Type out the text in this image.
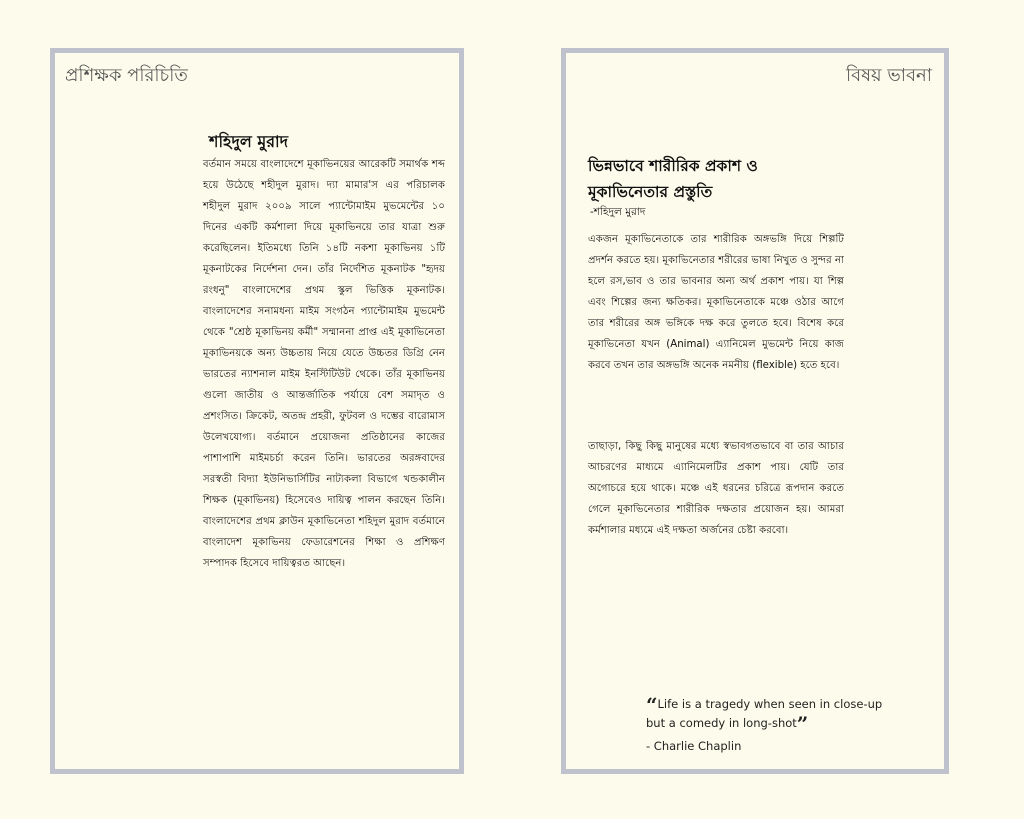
প্রশিক্ষক পরিচিতি
শহিদুল মুরাদ
বর্তমান সময়ে বাংলাদেশে মূকাভিনয়ের আরেকটি সমার্থক শব্দ হয়ে উঠেছে শহীদুল মুরাদ। দ্যা মামার'স এর পরিচালক শহীদুল মুরাদ ২০০৯ সালে প্যান্টোমাইম মুভমেন্টের ১০ দিনের একটি কর্মশালা দিয়ে মূকাভিনয়ে তার যাত্রা শুরু করেছিলেন। ইতিমধ্যে তিনি ১৪টি নকশা মূকাভিনয় ১টি মূকনাটকের নির্দেশনা দেন। তাঁর নির্দেশিত মূকনাটক "হৃদয় রংধনু" বাংলাদেশের প্রথম স্কুল ভিত্তিক মূকনাটক। বাংলাদেশের সনামধন্য মাইম সংগঠন প্যান্টোমাইম মুভমেন্ট থেকে "শ্রেষ্ঠ মূকাভিনয় কর্মী" সম্মাননা প্রাপ্ত এই মূকাভিনেতা মূকাভিনয়কে অন্য উচ্চতায় নিয়ে যেতে উচ্চতর ডিগ্রি নেন ভারতের ন্যাশনাল মাইম ইনস্টিটিউট থেকে। তাঁর মূকাভিনয় গুলো জাতীয় ও আন্তর্জাতিক পর্যায়ে বেশ সমাদৃত ও প্রশংসিত। ক্রিকেট, অতন্দ্র প্রহরী, ফুটবল ও দম্ভের বারোমাস উলেখযোগ্য। বর্তমানে প্রয়োজনা প্রতিষ্ঠানের কাজের পাশাপাশি মাইমচর্চা করেন তিনি। ভারতের অরঙ্গবাদের সরস্বতী বিদ্যা ইউনিভার্সিটির নাট্যকলা বিভাগে খন্ডকালীন শিক্ষক (মূকাভিনয়) হিসেবেও দায়িত্ব পালন করছেন তিনি।বাংলাদেশের প্রথম ক্লাউন মূকাভিনেতা শহিদুল মুরাদ বর্তমানে বাংলাদেশ মূকাভিনয় ফেডারেশনের শিক্ষা ও প্রশিক্ষণ সম্পাদক হিসেবে দায়িত্বরত আছেন।
বিষয় ভাবনা
ভিন্নভাবে শারীরিক প্রকাশ ও
মূকাভিনেতার প্রস্তুতি
-শহিদুল মুরাদ
একজন মূকাভিনেতাকে তার শারীরিক অঙ্গভঙ্গি দিয়ে শিল্পটি প্রদর্শন করতে হয়। মূকাভিনেতার শরীরের ভাষা নিখুত ও সুন্দর না হলে রস,ভাব ও তার ভাবনার অন্য অর্থ প্রকাশ পায়। যা শিল্প এবং শিল্পের জন্য ক্ষতিকর। মূকাভিনেতাকে মঞ্চে ওঠার আগে তার শরীরের অঙ্গ ভঙ্গিকে দক্ষ করে তুলতে হবে। বিশেষ করে মূকাভিনেতা যখন (Animal) এ্যানিমেল মুভমেন্ট নিয়ে কাজ করবে তখন তার অঙ্গভঙ্গি অনেক নমনীয় (flexible) হতে হবে।
তাছাড়া, কিছু কিছু মানুষের মধ্যে স্বভাবগতভাবে বা তার আচার আচরণের মাধ্যমে এ্যানিমেলটির প্রকাশ পায়। যেটি তার অগোচরে হয়ে থাকে। মঞ্চে এই ধরনের চরিত্রে রূপদান করতে গেলে মূকাভিনেতার শারীরিক দক্ষতার প্রয়োজন হয়। আমরা কর্মশালার মধ্যমে এই দক্ষতা অর্জনের চেষ্টা করবো।
“Life is a tragedy when seen in close-up
but a comedy in long-shot”
- Charlie Chaplin
